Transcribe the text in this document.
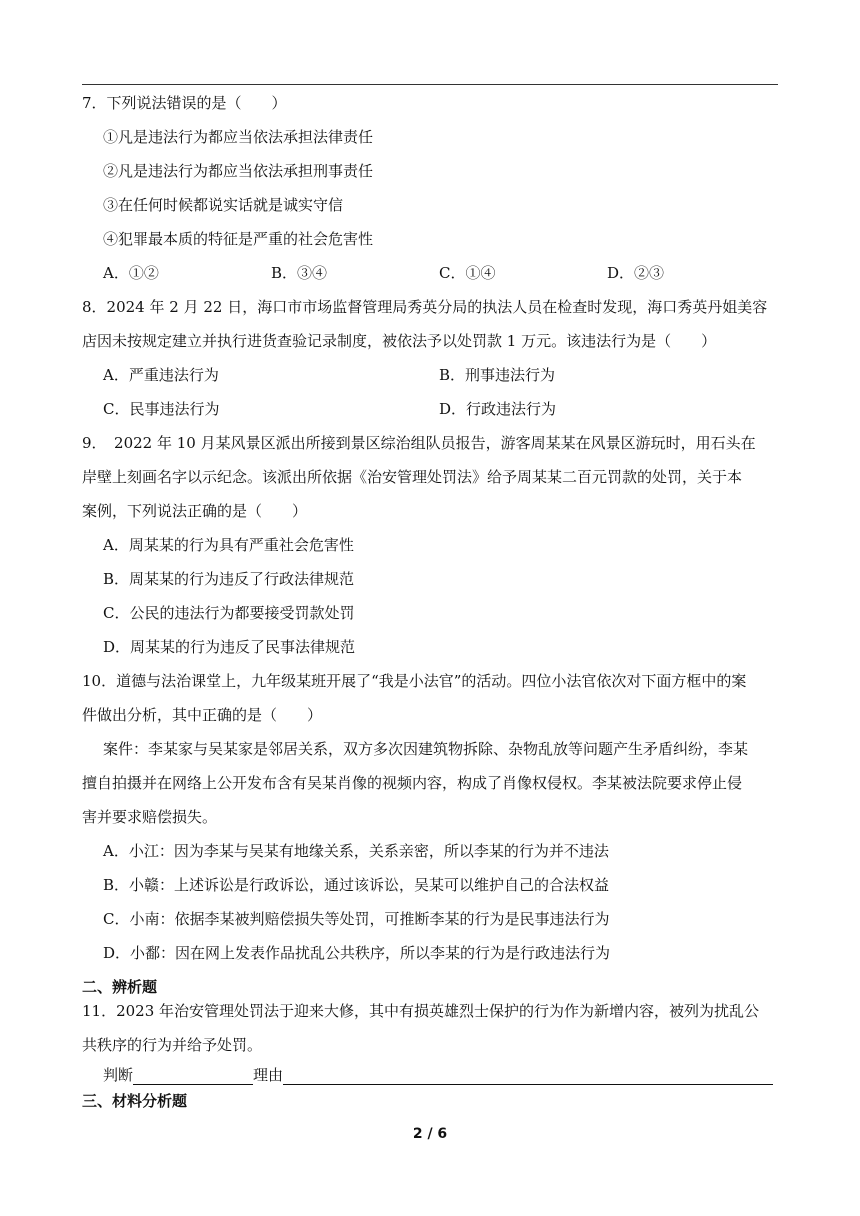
7．下列说法错误的是（　　）
①凡是违法行为都应当依法承担法律责任
②凡是违法行为都应当依法承担刑事责任
③在任何时候都说实话就是诚实守信
④犯罪最本质的特征是严重的社会危害性
A．①②	B．③④	C．①④	D．②③
8．2024 年 2 月 22 日，海口市市场监督管理局秀英分局的执法人员在检查时发现，海口秀英丹姐美容
店因未按规定建立并执行进货查验记录制度，被依法予以处罚款 1 万元。该违法行为是（　　）
A．严重违法行为	B．刑事违法行为
C．民事违法行为	D．行政违法行为
9．　2022 年 10 月某风景区派出所接到景区综治组队员报告，游客周某某在风景区游玩时，用石头在
岸壁上刻画名字以示纪念。该派出所依据《治安管理处罚法》给予周某某二百元罚款的处罚，关于本
案例，下列说法正确的是（　　）
A．周某某的行为具有严重社会危害性
B．周某某的行为违反了行政法律规范
C．公民的违法行为都要接受罚款处罚
D．周某某的行为违反了民事法律规范
10．道德与法治课堂上，九年级某班开展了“我是小法官”的活动。四位小法官依次对下面方框中的案
件做出分析，其中正确的是（　　）
案件：李某家与吴某家是邻居关系，双方多次因建筑物拆除、杂物乱放等问题产生矛盾纠纷，李某
擅自拍摄并在网络上公开发布含有吴某肖像的视频内容，构成了肖像权侵权。李某被法院要求停止侵
害并要求赔偿损失。
A．小江：因为李某与吴某有地缘关系，关系亲密，所以李某的行为并不违法
B．小赣：上述诉讼是行政诉讼，通过该诉讼，吴某可以维护自己的合法权益
C．小南：依据李某被判赔偿损失等处罚，可推断李某的行为是民事违法行为
D．小鄱：因在网上发表作品扰乱公共秩序，所以李某的行为是行政违法行为
二、辨析题
11．2023 年治安管理处罚法于迎来大修，其中有损英雄烈士保护的行为作为新增内容，被列为扰乱公
共秩序的行为并给予处罚。
判断	理由
三、材料分析题
2 / 6
